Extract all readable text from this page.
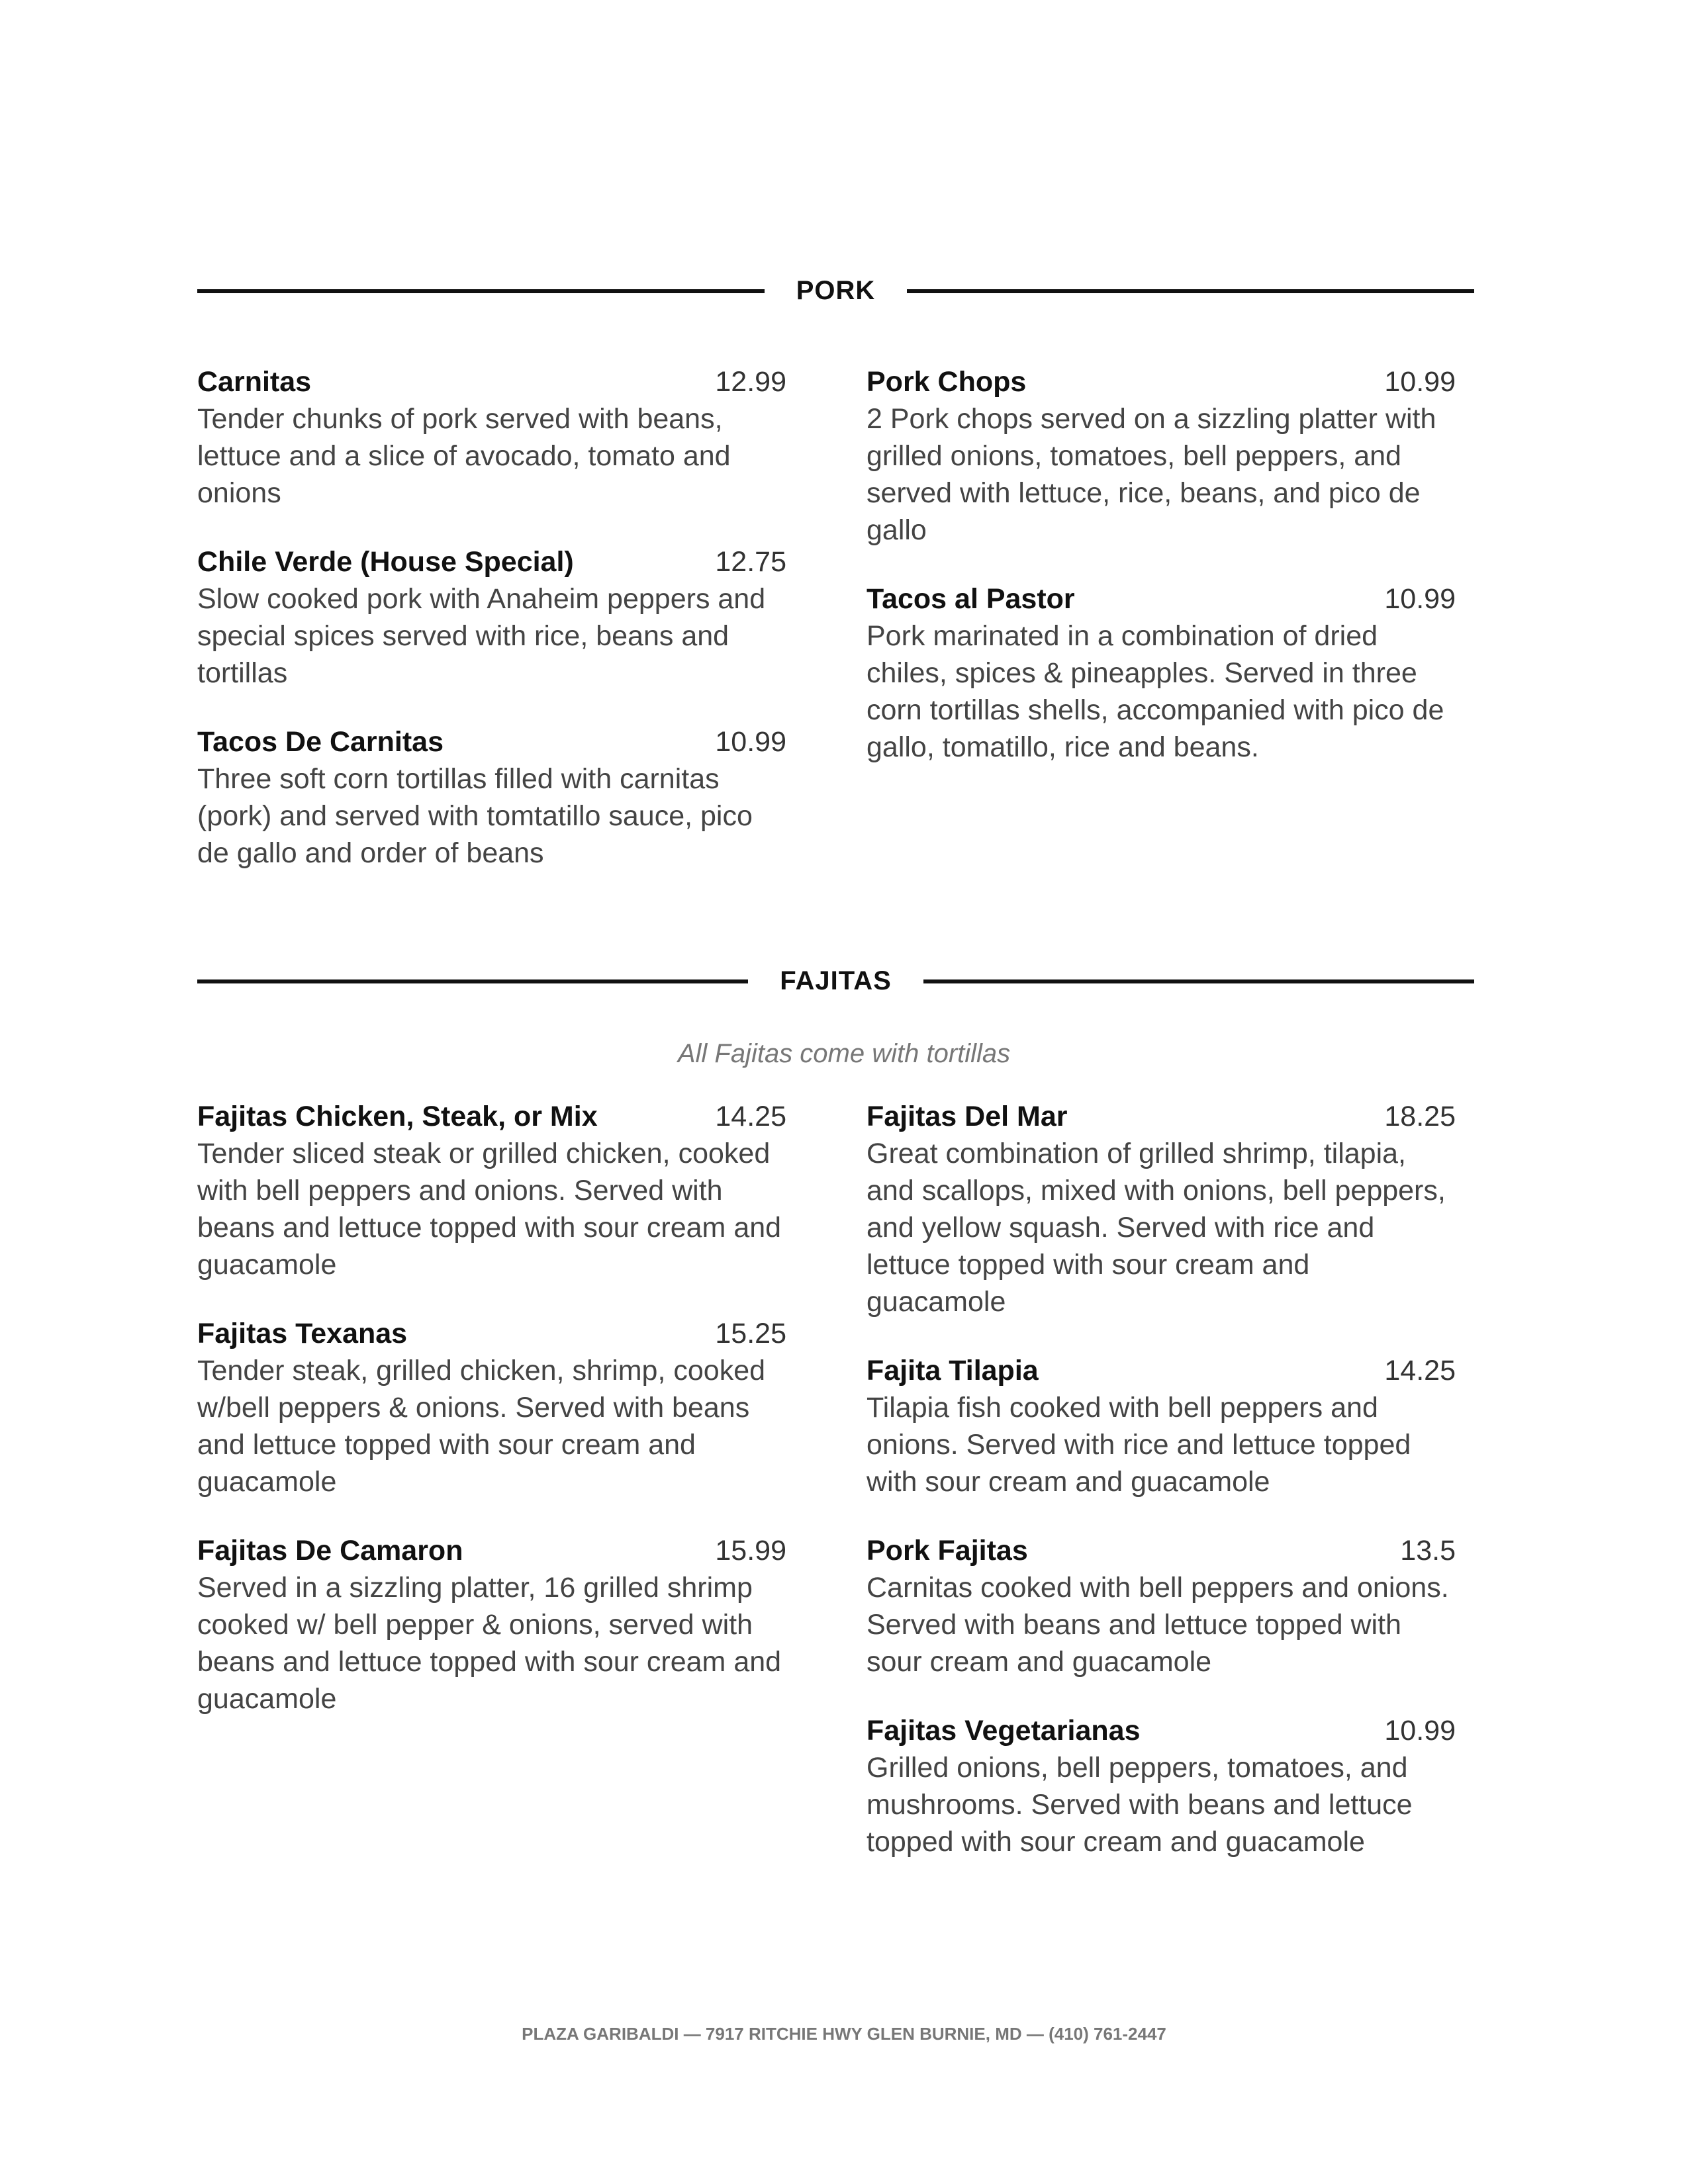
PORK
Carnitas	12.99
Tender chunks of pork served with beans, lettuce and a slice of avocado, tomato and onions
Chile Verde (House Special)	12.75
Slow cooked pork with Anaheim peppers and special spices served with rice, beans and tortillas
Tacos De Carnitas	10.99
Three soft corn tortillas filled with carnitas (pork) and served with tomtatillo sauce, pico de gallo and order of beans
Pork Chops	10.99
2 Pork chops served on a sizzling platter with grilled onions, tomatoes, bell peppers, and served with lettuce, rice, beans, and pico de gallo
Tacos al Pastor	10.99
Pork marinated in a combination of dried chiles, spices & pineapples. Served in three corn tortillas shells, accompanied with pico de gallo, tomatillo, rice and beans.
FAJITAS
All Fajitas come with tortillas
Fajitas Chicken, Steak, or Mix	14.25
Tender sliced steak or grilled chicken, cooked with bell peppers and onions. Served with beans and lettuce topped with sour cream and guacamole
Fajitas Texanas	15.25
Tender steak, grilled chicken, shrimp, cooked w/bell peppers & onions. Served with beans and lettuce topped with sour cream and guacamole
Fajitas De Camaron	15.99
Served in a sizzling platter, 16 grilled shrimp cooked w/ bell pepper & onions, served with beans and lettuce topped with sour cream and guacamole
Fajitas Del Mar	18.25
Great combination of grilled shrimp, tilapia, and scallops, mixed with onions, bell peppers, and yellow squash. Served with rice and lettuce topped with sour cream and guacamole
Fajita Tilapia	14.25
Tilapia fish cooked with bell peppers and onions. Served with rice and lettuce topped with sour cream and guacamole
Pork Fajitas	13.5
Carnitas cooked with bell peppers and onions. Served with beans and lettuce topped with sour cream and guacamole
Fajitas Vegetarianas	10.99
Grilled onions, bell peppers, tomatoes, and mushrooms. Served with beans and lettuce topped with sour cream and guacamole
PLAZA GARIBALDI — 7917 RITCHIE HWY GLEN BURNIE, MD — (410) 761-2447
